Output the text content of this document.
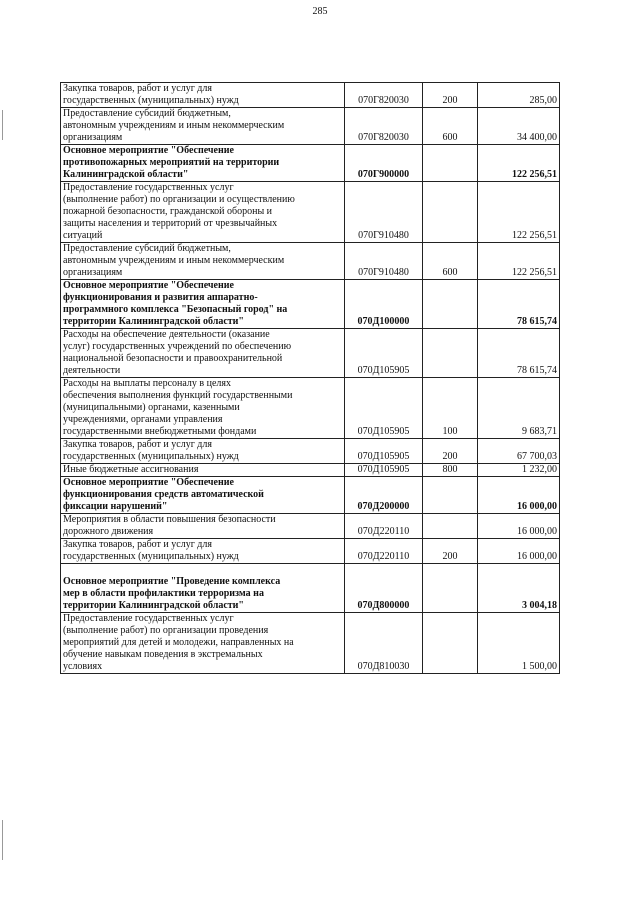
285
Закупка товаров, работ и услуг для
государственных (муниципальных) нужд	070Г820030	200	285,00
Предоставление субсидий бюджетным,
автономным учреждениям и иным некоммерческим
организациям	070Г820030	600	34 400,00
Основное мероприятие "Обеспечение
противопожарных мероприятий на территории
Калининградской области"	070Г900000		122 256,51
Предоставление государственных услуг
(выполнение работ) по организации и осуществлению
пожарной безопасности, гражданской обороны и
защиты населения и территорий от чрезвычайных
ситуаций	070Г910480		122 256,51
Предоставление субсидий бюджетным,
автономным учреждениям и иным некоммерческим
организациям	070Г910480	600	122 256,51
Основное мероприятие "Обеспечение
функционирования и развития аппаратно-
программного комплекса "Безопасный город" на
территории Калининградской области"	070Д100000		78 615,74
Расходы на обеспечение деятельности (оказание
услуг) государственных учреждений по обеспечению
национальной безопасности и правоохранительной
деятельности	070Д105905		78 615,74
Расходы на выплаты персоналу в целях
обеспечения выполнения функций государственными
(муниципальными) органами, казенными
учреждениями, органами управления
государственными внебюджетными фондами	070Д105905	100	9 683,71
Закупка товаров, работ и услуг для
государственных (муниципальных) нужд	070Д105905	200	67 700,03
Иные бюджетные ассигнования	070Д105905	800	1 232,00
Основное мероприятие "Обеспечение
функционирования средств автоматической
фиксации нарушений"	070Д200000		16 000,00
Мероприятия в области повышения безопасности
дорожного движения	070Д220110		16 000,00
Закупка товаров, работ и услуг для
государственных (муниципальных) нужд	070Д220110	200	16 000,00

Основное мероприятие "Проведение комплекса
мер в области профилактики терроризма на
территории Калининградской области"	070Д800000		3 004,18
Предоставление государственных услуг
(выполнение работ) по организации проведения
мероприятий для детей и молодежи, направленных на
обучение навыкам поведения в экстремальных
условиях	070Д810030		1 500,00
